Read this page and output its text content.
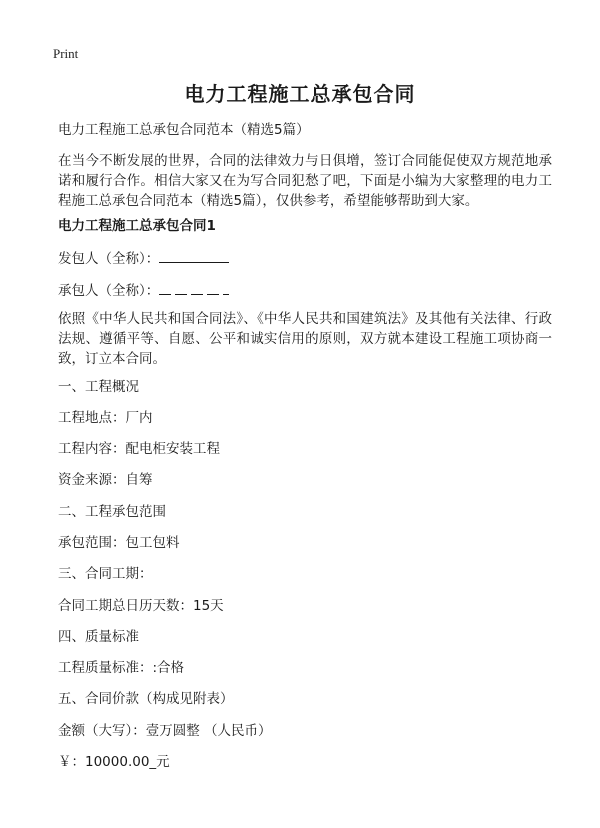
Print
电力工程施工总承包合同
电力工程施工总承包合同范本（精选5篇）
在当今不断发展的世界，合同的法律效力与日俱增，签订合同能促使双方规范地承诺和履行合作。相信大家又在为写合同犯愁了吧，下面是小编为大家整理的电力工程施工总承包合同范本（精选5篇），仅供参考，希望能够帮助到大家。
电力工程施工总承包合同1
发包人（全称）：
承包人（全称）：
依照《中华人民共和国合同法》、《中华人民共和国建筑法》及其他有关法律、行政法规、遵循平等、自愿、公平和诚实信用的原则，双方就本建设工程施工项协商一致，订立本合同。
一、工程概况
工程地点：厂内
工程内容：配电柜安装工程
资金来源：自筹
二、工程承包范围
承包范围：包工包料
三、合同工期：
合同工期总日历天数：15天
四、质量标准
工程质量标准：:合格
五、合同价款（构成见附表）
金额（大写）：壹万圆整 （人民币）
￥：10000.00_元
